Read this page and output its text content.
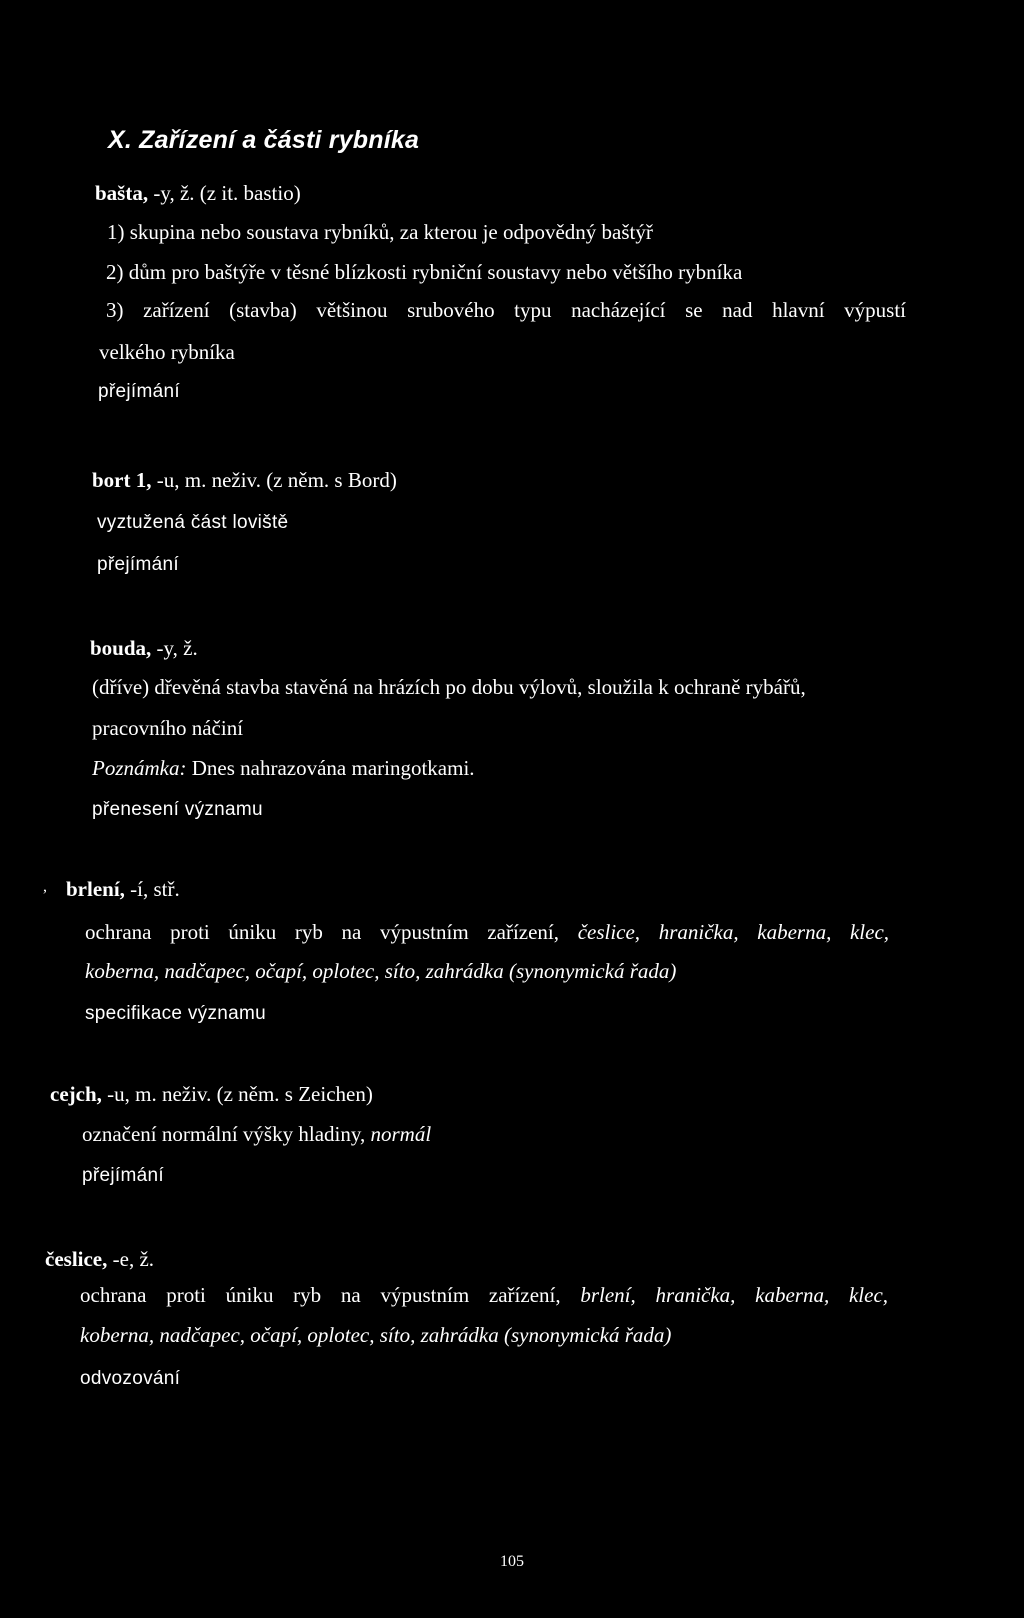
X. Zařízení a části rybníka
bašta, -y, ž. (z it. bastio)
1) skupina nebo soustava rybníků, za kterou je odpovědný baštýř
2) dům pro baštýře v těsné blízkosti rybniční soustavy nebo většího rybníka
3) zařízení (stavba) většinou srubového typu nacházející se nad hlavní výpustí
velkého rybníka
přejímání
bort 1, -u, m. neživ. (z něm. s Bord)
vyztužená část loviště
přejímání
bouda, -y, ž.
(dříve) dřevěná stavba stavěná na hrázích po dobu výlovů, sloužila k ochraně rybářů,
pracovního náčiní
Poznámka: Dnes nahrazována maringotkami.
přenesení významu
, brlení, -í, stř.
ochrana proti úniku ryb na výpustním zařízení, česlice, hranička, kaberna, klec,
koberna, nadčapec, očapí, oplotec, síto, zahrádka (synonymická řada)
specifikace významu
cejch, -u, m. neživ. (z něm. s Zeichen)
označení normální výšky hladiny, normál
přejímání
česlice, -e, ž.
ochrana proti úniku ryb na výpustním zařízení, brlení, hranička, kaberna, klec,
koberna, nadčapec, očapí, oplotec, síto, zahrádka (synonymická řada)
odvozování
105
